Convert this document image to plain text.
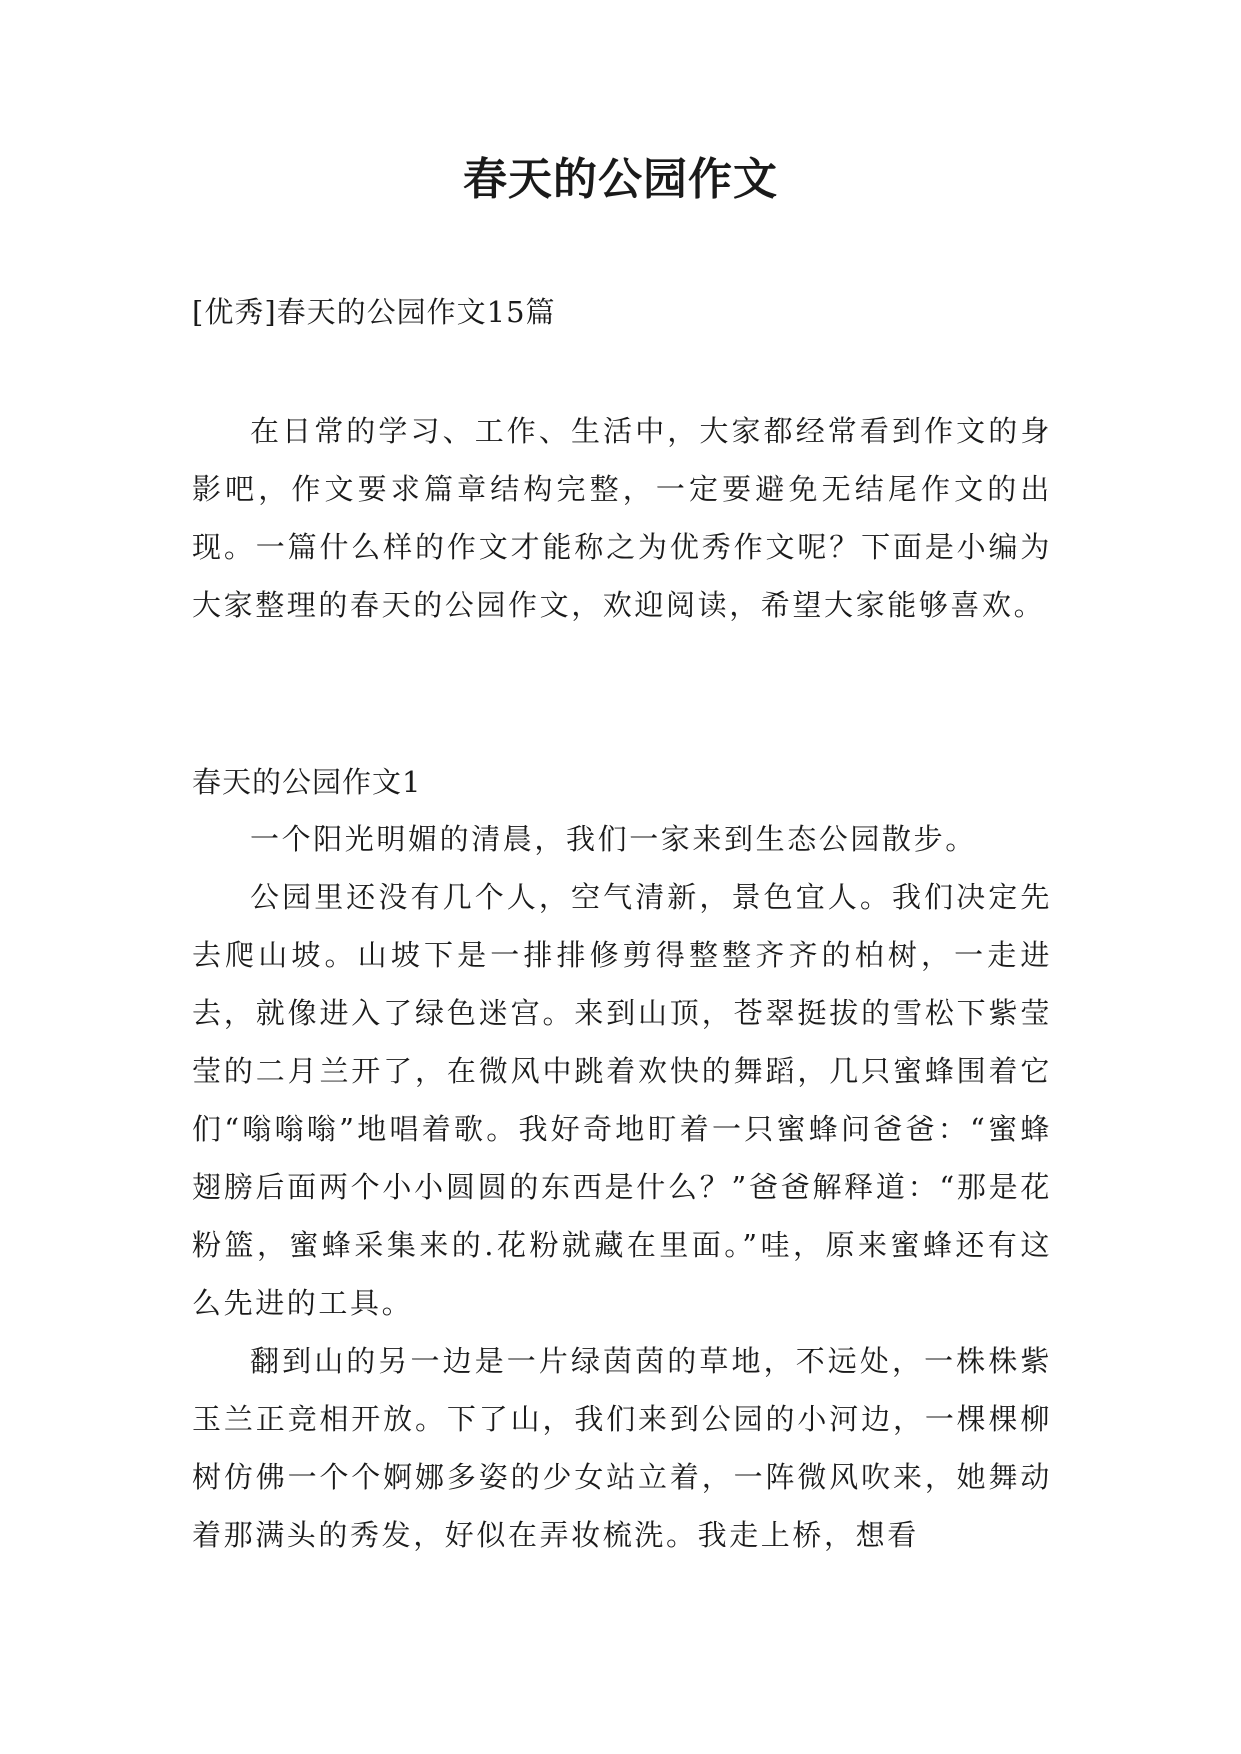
春天的公园作文
[优秀]春天的公园作文15篇

在日常的学习、工作、生活中，大家都经常看到作文的身影吧，作文要求篇章结构完整，一定要避免无结尾作文的出现。一篇什么样的作文才能称之为优秀作文呢？下面是小编为大家整理的春天的公园作文，欢迎阅读，希望大家能够喜欢。

春天的公园作文1

一个阳光明媚的清晨，我们一家来到生态公园散步。

公园里还没有几个人，空气清新，景色宜人。我们决定先去爬山坡。山坡下是一排排修剪得整整齐齐的柏树，一走进去，就像进入了绿色迷宫。来到山顶，苍翠挺拔的雪松下紫莹莹的二月兰开了，在微风中跳着欢快的舞蹈，几只蜜蜂围着它们“嗡嗡嗡”地唱着歌。我好奇地盯着一只蜜蜂问爸爸：“蜜蜂翅膀后面两个小小圆圆的东西是什么？”爸爸解释道：“那是花粉篮，蜜蜂采集来的.花粉就藏在里面。”哇，原来蜜蜂还有这么先进的工具。

翻到山的另一边是一片绿茵茵的草地，不远处，一株株紫玉兰正竞相开放。下了山，我们来到公园的小河边，一棵棵柳树仿佛一个个婀娜多姿的少女站立着，一阵微风吹来，她舞动着那满头的秀发，好似在弄妆梳洗。我走上桥，想看
